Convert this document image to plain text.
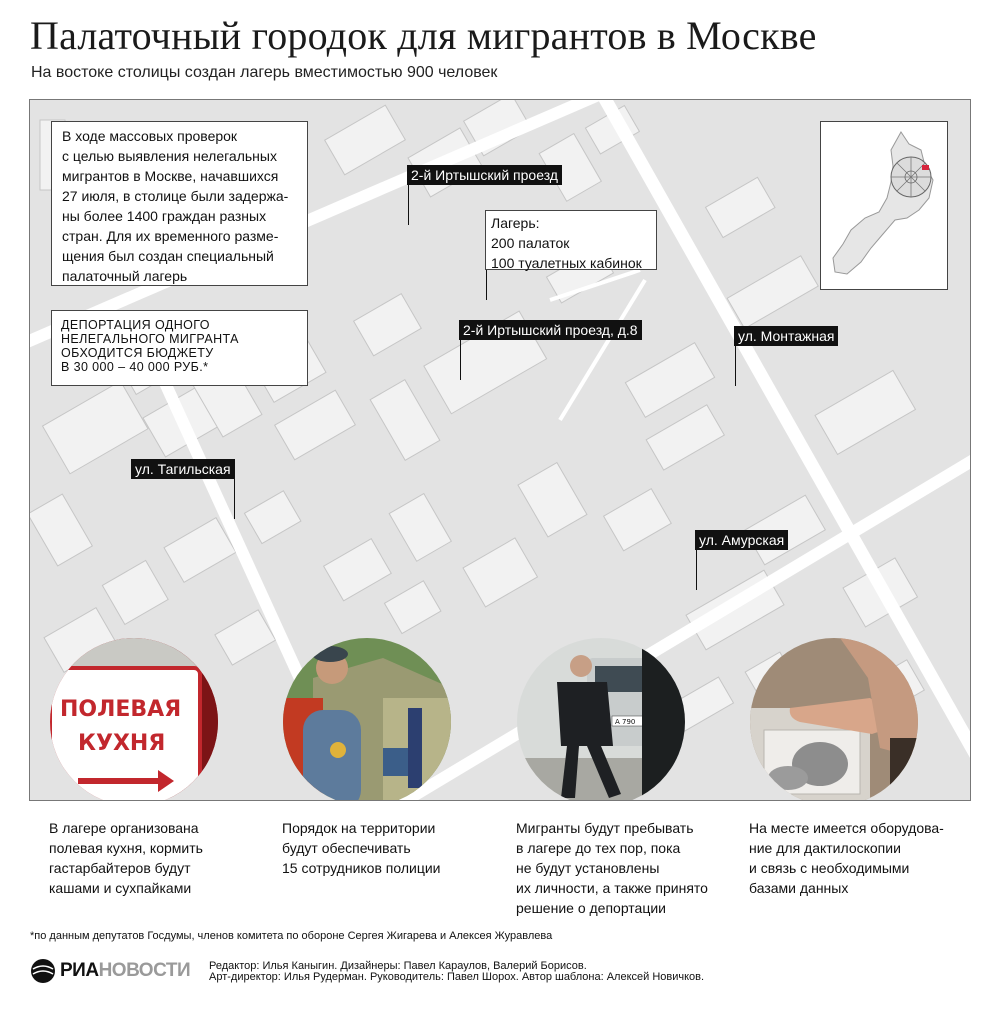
Палаточный городок для мигрантов в Москве
На востоке столицы создан лагерь вместимостью 900 человек
В ходе массовых проверок
с целью выявления нелегальных
мигрантов в Москве, начавшихся
27 июля, в столице были задержа-
ны более 1400 граждан разных
стран. Для их временного разме-
щения был создан специальный
палаточный лагерь
ДЕПОРТАЦИЯ ОДНОГО
НЕЛЕГАЛЬНОГО МИГРАНТА
ОБХОДИТСЯ БЮДЖЕТУ
В 30 000 – 40 000 РУБ.*
Лагерь:
200 палаток
100 туалетных кабинок
2-й Иртышский проезд
2-й Иртышский проезд, д.8	ул. Монтажная
ул. Тагильская
ул. Амурская
ПОЛЕВАЯ
КУХНЯ
А 790
В лагере организована
полевая кухня, кормить
гастарбайтеров будут
кашами и сухпайками
Порядок на территории
будут обеспечивать
15 сотрудников полиции
Мигранты будут пребывать
в лагере до тех пор, пока
не будут установлены
их личности, а также принято
решение о депортации
На месте имеется оборудова-
ние для дактилоскопии
и связь с необходимыми
базами данных
*по данным депутатов Госдумы, членов комитета по обороне Сергея Жигарева и Алексея Журавлева
РИАНОВОСТИ Редактор: Илья Каныгин. Дизайнеры: Павел Караулов, Валерий Борисов.
Арт-директор: Илья Рудерман. Руководитель: Павел Шорох. Автор шаблона: Алексей Новичков.
